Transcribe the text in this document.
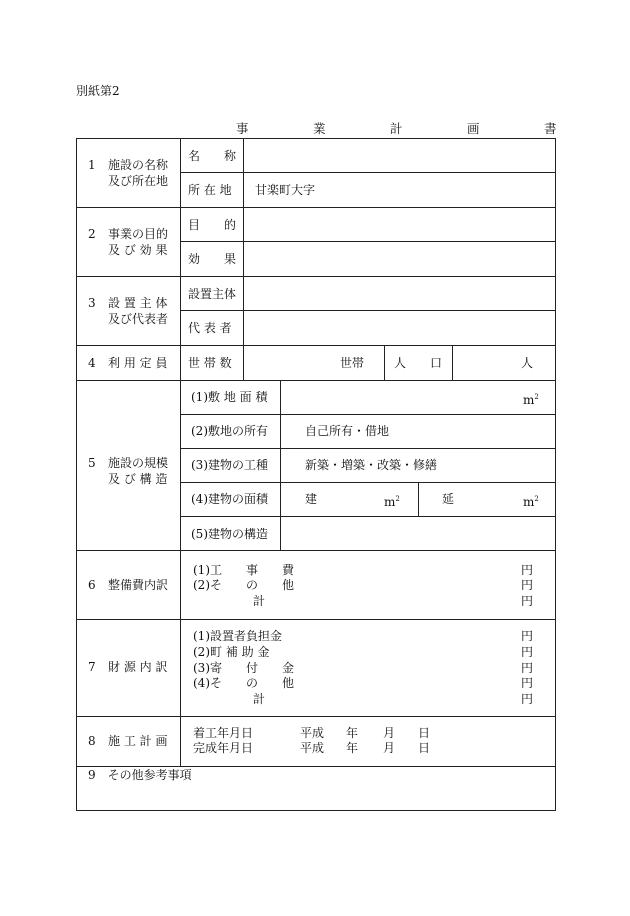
別紙第2
事　業　計　画　書
1 施設の名称
及び所在地
名　　称
所 在 地 甘楽町大字
2 事業の目的
及 び 効 果
目　　的
効　　果
3 設 置 主 体
及び代表者
設置主体
代 表 者
4 利 用 定 員 世 帯 数	世帯 人　　口	人
5 施設の規模
及 び 構 造
(1)敷 地 面 積	$m^2$
(2)敷地の所有	自己所有・借地
(3)建物の工種	新築・増築・改築・修繕
(4)建物の面積	建	$m^2$	延	$m^2$
(5)建物の構造
6 整備費内訳
(1)工　　事　　費	円
(2)そ　　の　　他	円
　　　　　計	円
7 財 源 内 訳
(1)設置者負担金	円
(2)町 補 助 金	円
(3)寄　　付　　金	円
(4)そ　　の　　他	円
　　　　　計	円
8 施 工 計 画
着工年月日	平成 年 月 日
完成年月日	平成 年 月 日
9　その他参考事項
